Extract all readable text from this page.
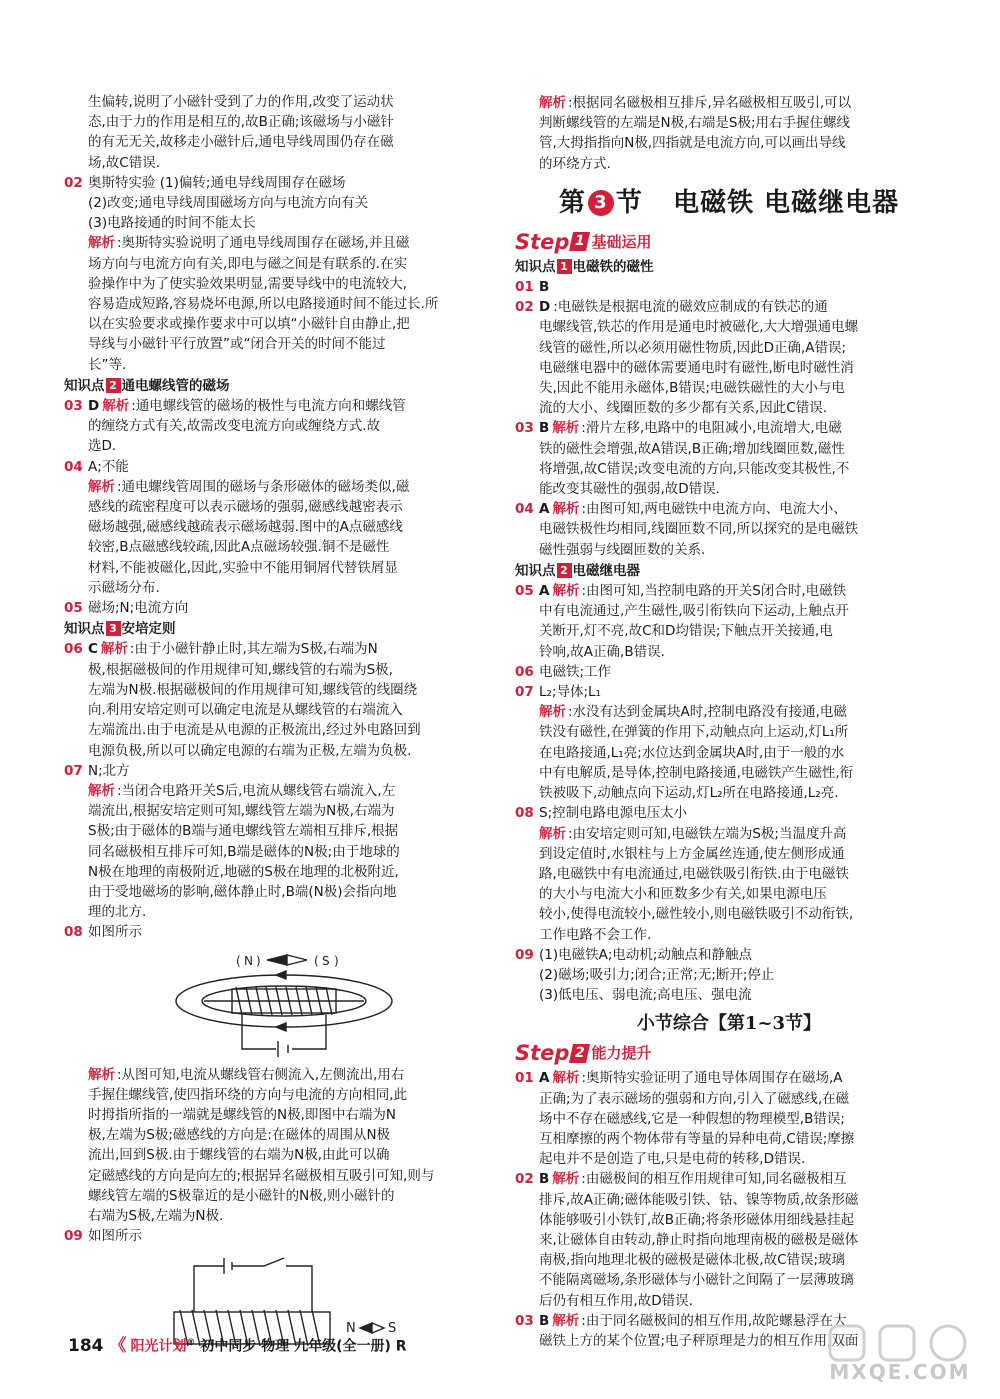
生偏转,说明了小磁针受到了力的作用,改变了运动状
态,由于力的作用是相互的,故B正确;该磁场与小磁针
的有无无关,故移走小磁针后,通电导线周围仍存在磁
场,故C错误.
02 奥斯特实验 (1)偏转;通电导线周围存在磁场
(2)改变;通电导线周围磁场方向与电流方向有关
(3)电路接通的时间不能太长
解析 :奥斯特实验说明了通电导线周围存在磁场,并且磁
场方向与电流方向有关,即电与磁之间是有联系的.在实
验操作中为了使实验效果明显,需要导线中的电流较大,
容易造成短路,容易烧坏电源,所以电路接通时间不能过长.所
以在实验要求或操作要求中可以填“小磁针自由静止,把
导线与小磁针平行放置”或“闭合开关的时间不能过
长”等.
知识点 2 通电螺线管的磁场
03 D 解析 :通电螺线管的磁场的极性与电流方向和螺线管
的缠绕方式有关,故需改变电流方向或缠绕方式.故
选D.
04 A;不能
解析 :通电螺线管周围的磁场与条形磁体的磁场类似,磁
感线的疏密程度可以表示磁场的强弱,磁感线越密表示
磁场越强,磁感线越疏表示磁场越弱.图中的A点磁感线
较密,B点磁感线较疏,因此A点磁场较强.铜不是磁性
材料,不能被磁化,因此,实验中不能用铜屑代替铁屑显
示磁场分布.
05 磁场;N;电流方向
知识点 3 安培定则
06 C 解析 :由于小磁针静止时,其左端为S极,右端为N
极,根据磁极间的作用规律可知,螺线管的右端为S极,
左端为N极.根据磁极间的作用规律可知,螺线管的线圈绕
向.利用安培定则可以确定电流是从螺线管的右端流入
左端流出.由于电流是从电源的正极流出,经过外电路回到
电源负极,所以可以确定电源的右端为正极,左端为负极.
07 N;北方
解析 :当闭合电路开关S后,电流从螺线管右端流入,左
端流出,根据安培定则可知,螺线管左端为N极,右端为
S极;由于磁体的B端与通电螺线管左端相互排斥,根据
同名磁极相互排斥可知,B端是磁体的N极;由于地球的
N极在地理的南极附近,地磁的S极在地理的北极附近,
由于受地磁场的影响,磁体静止时,B端(N极)会指向地
理的北方.
08 如图所示
( N )	( S )
解析 :从图可知,电流从螺线管右侧流入,左侧流出,用右
手握住螺线管,使四指环绕的方向与电流的方向相同,此
时拇指所指的一端就是螺线管的N极,即图中右端为N
极,左端为S极;磁感线的方向是:在磁体的周围从N极
流出,回到S极.由于螺线管的右端为N极,由此可以确
定磁感线的方向是向左的;根据异名磁极相互吸引可知,则与
螺线管左端的S极靠近的是小磁针的N极,则小磁针的
右端为S极,左端为N极.
09 如图所示
N S
解析 :根据同名磁极相互排斥,异名磁极相互吸引,可以
判断螺线管的左端是N极,右端是S极;用右手握住螺线
管,大拇指指向N极,四指就是电流方向,可以画出导线
的环绕方式.
第 3 节 电磁铁 电磁继电器
Step 1 基础运用
知识点 1 电磁铁的磁性
01 B
02 D :电磁铁是根据电流的磁效应制成的有铁芯的通
电螺线管,铁芯的作用是通电时被磁化,大大增强通电螺
线管的磁性,所以必须用磁性物质,因此D正确,A错误;
电磁继电器中的磁体需要通电时有磁性,断电时磁性消
失,因此不能用永磁体,B错误;电磁铁磁性的大小与电
流的大小、线圈匝数的多少都有关系,因此C错误.
03 B 解析 :滑片左移,电路中的电阻减小,电流增大,电磁
铁的磁性会增强,故A错误,B正确;增加线圈匝数,磁性
将增强,故C错误;改变电流的方向,只能改变其极性,不
能改变其磁性的强弱,故D错误.
04 A 解析 :由图可知,两电磁铁中电流方向、电流大小、
电磁铁极性均相同,线圈匝数不同,所以探究的是电磁铁
磁性强弱与线圈匝数的关系.
知识点 2 电磁继电器
05 A 解析 :由图可知,当控制电路的开关S闭合时,电磁铁
中有电流通过,产生磁性,吸引衔铁向下运动,上触点开
关断开,灯不亮,故C和D均错误;下触点开关接通,电
铃响,故A正确,B错误.
06 电磁铁;工作
07 L₂;导体;L₁
解析 :水没有达到金属块A时,控制电路没有接通,电磁
铁没有磁性,在弹簧的作用下,动触点向上运动,灯L₁所
在电路接通,L₁亮;水位达到金属块A时,由于一般的水
中有电解质,是导体,控制电路接通,电磁铁产生磁性,衔
铁被吸下,动触点向下运动,灯L₂所在电路接通,L₂亮.
08 S;控制电路电源电压太小
解析 :由安培定则可知,电磁铁左端为S极;当温度升高
到设定值时,水银柱与上方金属丝连通,使左侧形成通
路,电磁铁中有电流通过,电磁铁吸引衔铁.由于电磁铁
的大小与电流大小和匝数多少有关,如果电源电压
较小,使得电流较小,磁性较小,则电磁铁吸引不动衔铁,
工作电路不会工作.
09 (1)电磁铁A;电动机;动触点和静触点
(2)磁场;吸引力;闭合;正常;无;断开;停止
(3)低电压、弱电流;高电压、强电流
小节综合【第1~3节】
Step 2 能力提升
01 A 解析 :奥斯特实验证明了通电导体周围存在磁场,A
正确;为了表示磁场的强弱和方向,引入了磁感线,在磁
场中不存在磁感线,它是一种假想的物理模型,B错误;
互相摩擦的两个物体带有等量的异种电荷,C错误;摩擦
起电并不是创造了电,只是电荷的转移,D错误.
02 B 解析 :由磁极间的相互作用规律可知,同名磁极相互
排斥,故A正确;磁体能吸引铁、钴、镍等物质,故条形磁
体能够吸引小铁钉,故B正确;将条形磁体用细线悬挂起
来,让磁体自由转动,静止时指向地理南极的磁极是磁体
南极,指向地理北极的磁极是磁体北极,故C错误;玻璃
不能隔离磁场,条形磁体与小磁针之间隔了一层薄玻璃
后仍有相互作用,故D错误.
03 B 解析 :由于同名磁极间的相互作用,故陀螺悬浮在大
磁铁上方的某个位置;电子秤原理是力的相互作用,双面
184 《 阳光计划® 初中同步 物理 九年级(全一册) R
MXQE.COM
